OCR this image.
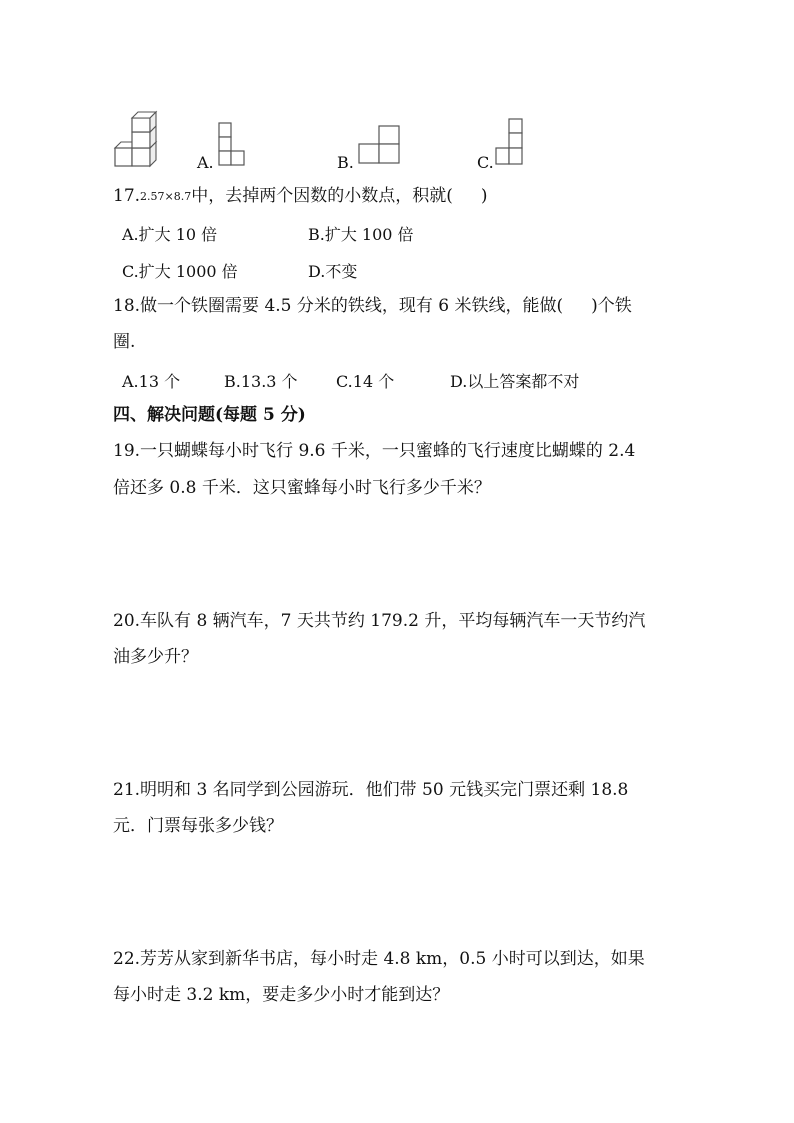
A.	B.	C.
17.2.57×8.7中，去掉两个因数的小数点，积就( )
A.扩大 10 倍	B.扩大 100 倍
C.扩大 1000 倍	D.不变
18.做一个铁圈需要 4.5 分米的铁线，现有 6 米铁线，能做( )个铁
圈.
A.13 个	B.13.3 个 C.14 个	D.以上答案都不对
四、解决问题(每题 5 分)
19.一只蝴蝶每小时飞行 9.6 千米，一只蜜蜂的飞行速度比蝴蝶的 2.4
倍还多 0.8 千米．这只蜜蜂每小时飞行多少千米？
20.车队有 8 辆汽车，7 天共节约 179.2 升，平均每辆汽车一天节约汽
油多少升？
21.明明和 3 名同学到公园游玩．他们带 50 元钱买完门票还剩 18.8
元．门票每张多少钱？
22.芳芳从家到新华书店，每小时走 4.8 km，0.5 小时可以到达，如果
每小时走 3.2 km，要走多少小时才能到达？
